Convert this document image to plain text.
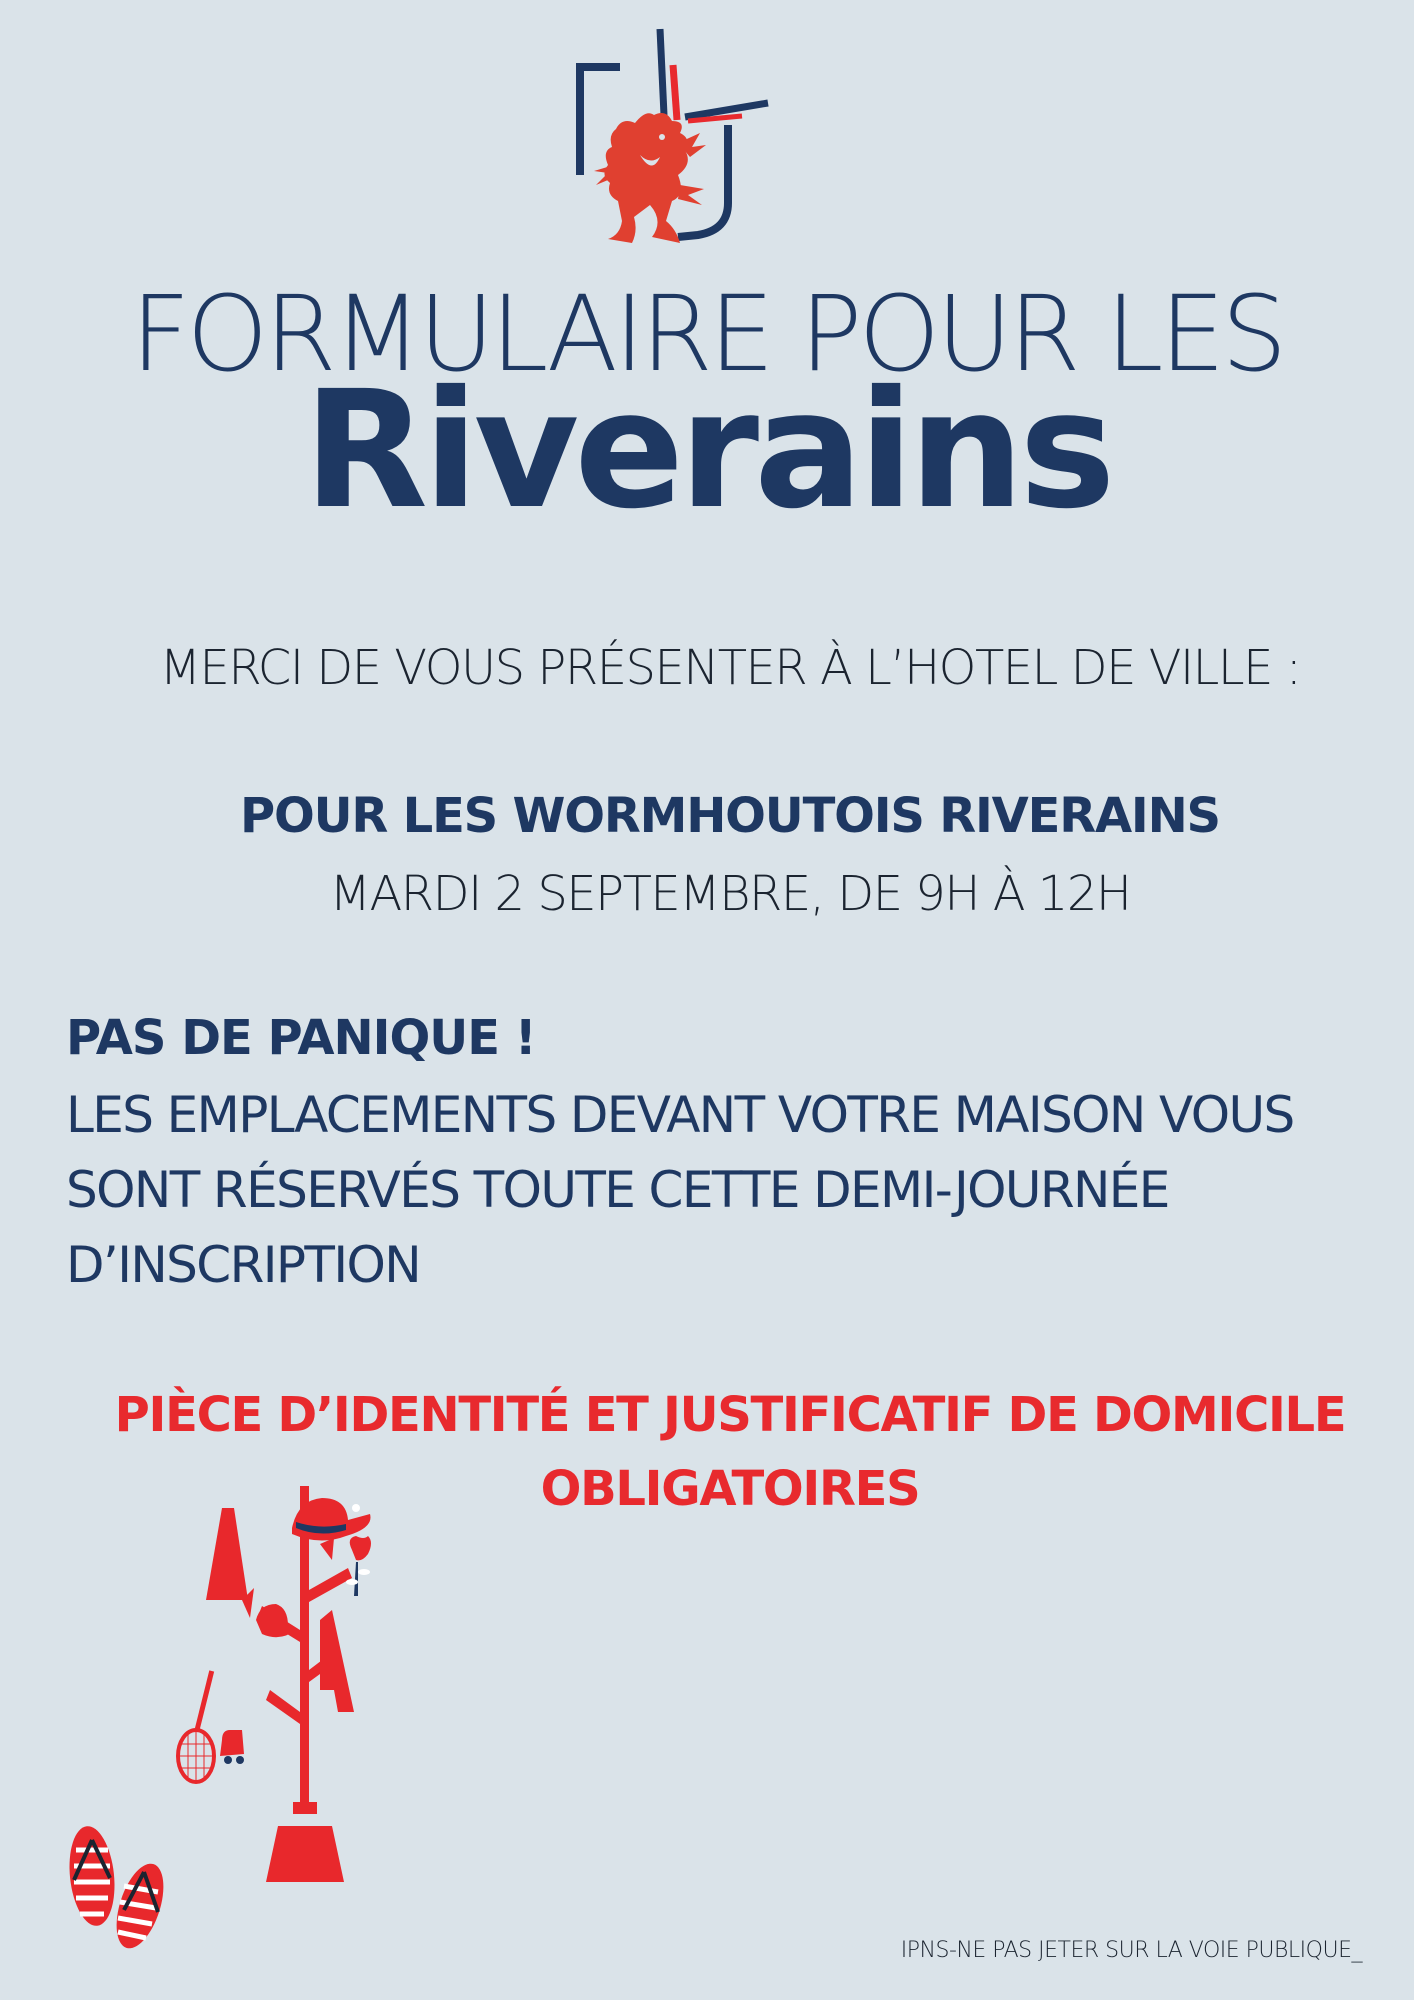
FORMULAIRE POUR LES
Riverains
MERCI DE VOUS PRÉSENTER À L’HOTEL DE VILLE :
POUR LES WORMHOUTOIS RIVERAINS
MARDI 2 SEPTEMBRE, DE 9H À 12H
PAS DE PANIQUE !
LES EMPLACEMENTS DEVANT VOTRE MAISON VOUS SONT RÉSERVÉS TOUTE CETTE DEMI-JOURNÉE D’INSCRIPTION
PIÈCE D’IDENTITÉ ET JUSTIFICATIF DE DOMICILE
OBLIGATOIRES
IPNS-NE PAS JETER SUR LA VOIE PUBLIQUE_
